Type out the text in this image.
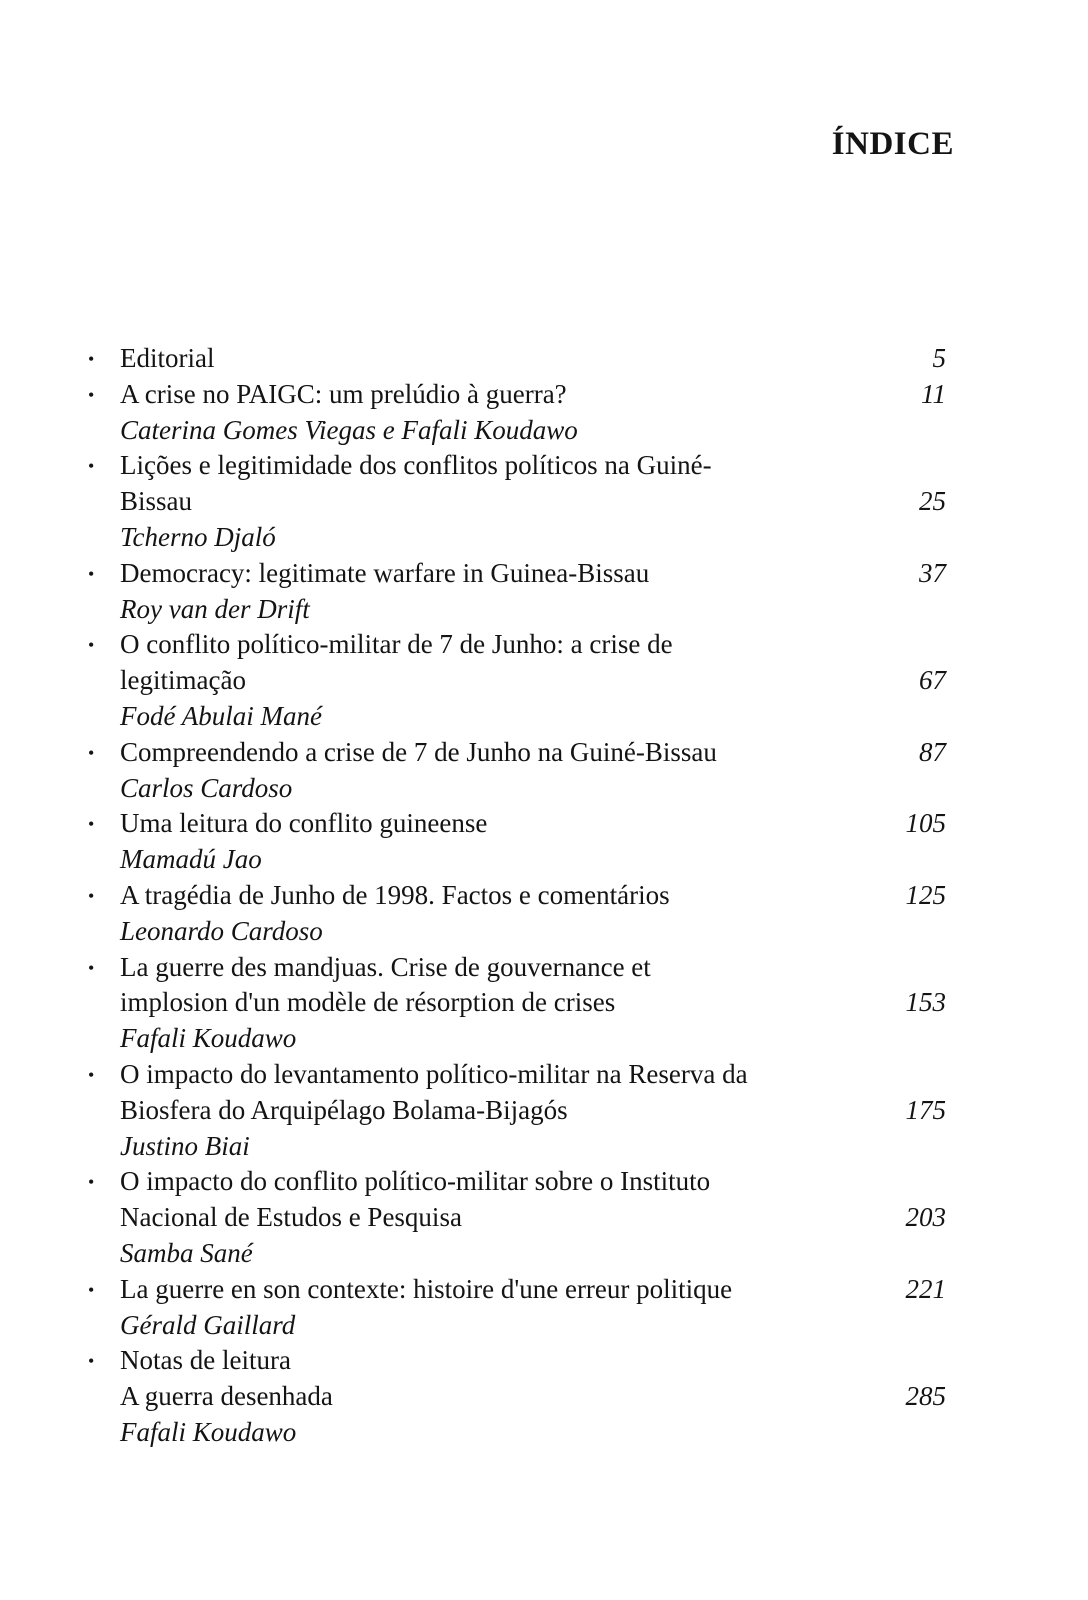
ÍNDICE
• Editorial	5
• A crise no PAIGC: um prelúdio à guerra?	11
Caterina Gomes Viegas e Fafali Koudawo
• Lições e legitimidade dos conflitos políticos na Guiné-
Bissau	25
Tcherno Djaló
• Democracy: legitimate warfare in Guinea-Bissau	37
Roy van der Drift
• O conflito político-militar de 7 de Junho: a crise de
legitimação	67
Fodé Abulai Mané
• Compreendendo a crise de 7 de Junho na Guiné-Bissau	87
Carlos Cardoso
• Uma leitura do conflito guineense	105
Mamadú Jao
• A tragédia de Junho de 1998. Factos e comentários	125
Leonardo Cardoso
• La guerre des mandjuas. Crise de gouvernance et
implosion d'un modèle de résorption de crises	153
Fafali Koudawo
• O impacto do levantamento político-militar na Reserva da
Biosfera do Arquipélago Bolama-Bijagós	175
Justino Biai
• O impacto do conflito político-militar sobre o Instituto
Nacional de Estudos e Pesquisa	203
Samba Sané
• La guerre en son contexte: histoire d'une erreur politique	221
Gérald Gaillard
• Notas de leitura
A guerra desenhada	285
Fafali Koudawo
